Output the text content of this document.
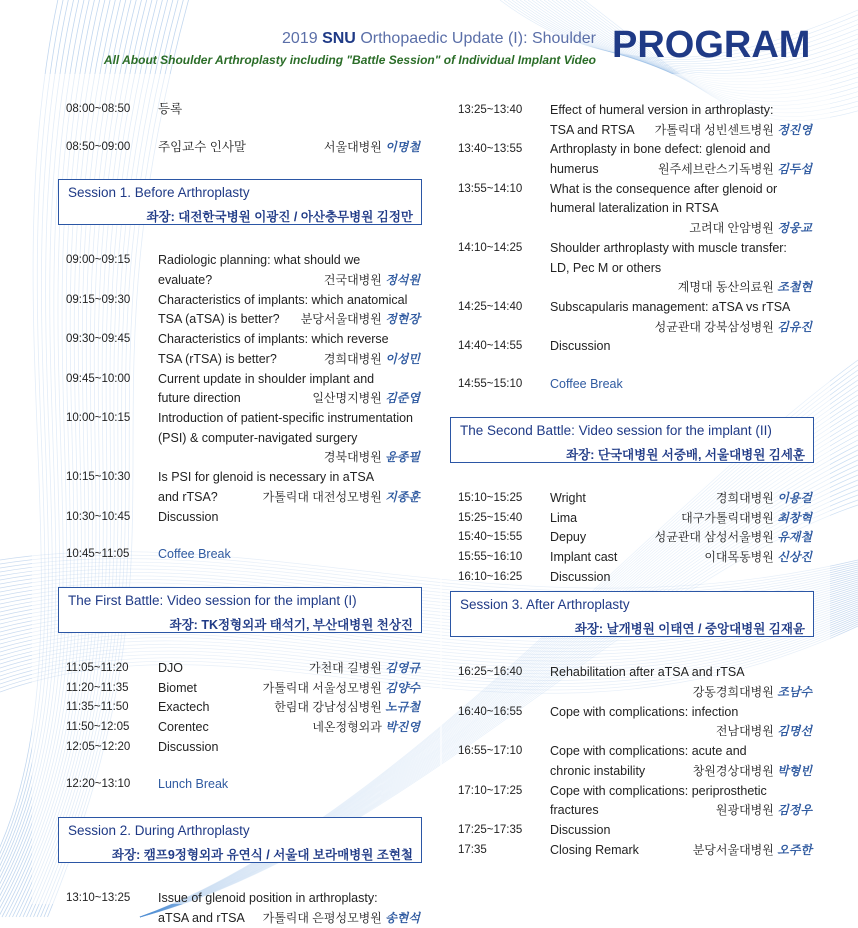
2019 SNU Orthopaedic Update (I): Shoulder
All About Shoulder Arthroplasty including "Battle Session" of Individual Implant Video PROGRAM
08:00~08:50 등록
08:50~09:00 주임교수 인사말	서울대병원 이명철
Session 1. Before Arthroplasty
좌장: 대전한국병원 이광진 / 아산충무병원 김정만
09:00~09:15 Radiologic planning: what should we
evaluate?	건국대병원 정석원
09:15~09:30 Characteristics of implants: which anatomical
TSA (aTSA) is better?	분당서울대병원 정현장
09:30~09:45 Characteristics of implants: which reverse
TSA (rTSA) is better?	경희대병원 이성민
09:45~10:00 Current update in shoulder implant and
future direction	일산명지병원 김준엽
10:00~10:15 Introduction of patient-specific instrumentation
(PSI) & computer-navigated surgery
경북대병원 윤종필
10:15~10:30 Is PSI for glenoid is necessary in aTSA
and rTSA?	가톨릭대 대전성모병원 지종훈
10:30~10:45 Discussion
10:45~11:05 Coffee Break
The First Battle: Video session for the implant (I)
좌장: TK정형외과 태석기, 부산대병원 천상진
11:05~11:20 DJO	가천대 길병원 김영규
11:20~11:35 Biomet	가톨릭대 서울성모병원 김양수
11:35~11:50 Exactech	한림대 강남성심병원 노규철
11:50~12:05 Corentec	네온정형외과 박진영
12:05~12:20 Discussion
12:20~13:10 Lunch Break
Session 2. During Arthroplasty
좌장: 캠프9정형외과 유연식 / 서울대 보라매병원 조현철
13:10~13:25 Issue of glenoid position in arthroplasty:
aTSA and rTSA	가톨릭대 은평성모병원 송현석
13:25~13:40 Effect of humeral version in arthroplasty:
TSA and RTSA	가톨릭대 성빈센트병원 정진영
13:40~13:55 Arthroplasty in bone defect: glenoid and
humerus	원주세브란스기독병원 김두섭
13:55~14:10 What is the consequence after glenoid or
humeral lateralization in RTSA
고려대 안암병원 정웅교
14:10~14:25 Shoulder arthroplasty with muscle transfer:
LD, Pec M or others
계명대 동산의료원 조철현
14:25~14:40 Subscapularis management: aTSA vs rTSA
성균관대 강북삼성병원 김유진
14:40~14:55 Discussion
14:55~15:10 Coffee Break
The Second Battle: Video session for the implant (II)
좌장: 단국대병원 서중배, 서울대병원 김세훈
15:10~15:25 Wright	경희대병원 이용걸
15:25~15:40 Lima	대구가톨릭대병원 최창혁
15:40~15:55 Depuy	성균관대 삼성서울병원 유재철
15:55~16:10 Implant cast	이대목동병원 신상진
16:10~16:25 Discussion
Session 3. After Arthroplasty
좌장: 날개병원 이태연 / 중앙대병원 김재윤
16:25~16:40 Rehabilitation after aTSA and rTSA
강동경희대병원 조남수
16:40~16:55 Cope with complications: infection
전남대병원 김명선
16:55~17:10 Cope with complications: acute and
chronic instability	창원경상대병원 박형빈
17:10~17:25 Cope with complications: periprosthetic
fractures	원광대병원 김정우
17:25~17:35 Discussion
17:35	Closing Remark	분당서울대병원 오주한
